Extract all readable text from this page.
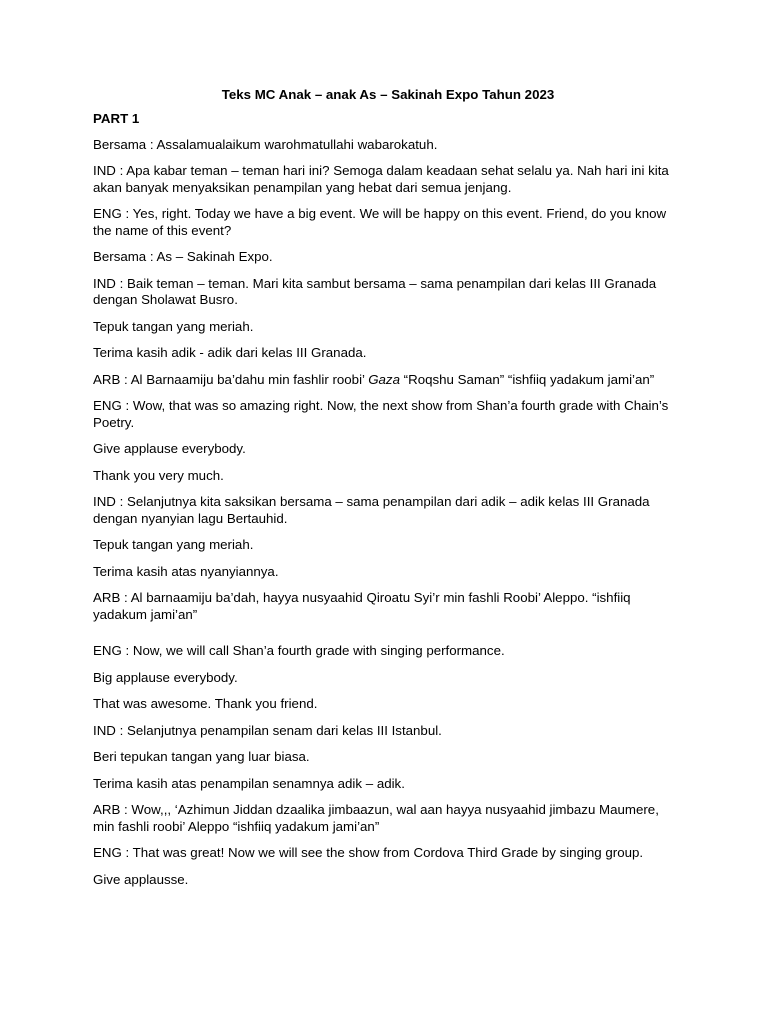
Teks MC Anak – anak As – Sakinah Expo Tahun 2023
PART 1
Bersama : Assalamualaikum warohmatullahi wabarokatuh.
IND : Apa kabar teman – teman hari ini? Semoga dalam keadaan sehat selalu ya. Nah hari ini kita akan banyak menyaksikan penampilan yang hebat dari semua jenjang.
ENG : Yes, right. Today we have a big event. We will be happy on this event. Friend, do you know the name of this event?
Bersama : As – Sakinah Expo.
IND : Baik teman – teman. Mari kita sambut bersama – sama penampilan dari kelas III Granada dengan Sholawat Busro.
Tepuk tangan yang meriah.
Terima kasih adik - adik dari kelas III Granada.
ARB : Al Barnaamiju ba’dahu min fashlir roobi’ Gaza “Roqshu Saman” “ishfiiq yadakum jami’an”
ENG : Wow, that was so amazing right. Now, the next show from Shan’a fourth grade with Chain’s Poetry.
Give applause everybody.
Thank you very much.
IND : Selanjutnya kita saksikan bersama – sama penampilan dari adik – adik kelas III Granada dengan nyanyian lagu Bertauhid.
Tepuk tangan yang meriah.
Terima kasih atas nyanyiannya.
ARB : Al barnaamiju ba’dah, hayya nusyaahid Qiroatu Syi’r min fashli Roobi’ Aleppo. “ishfiiq yadakum jami’an”
ENG : Now, we will call Shan’a fourth grade with singing performance.
Big applause everybody.
That was awesome. Thank you friend.
IND : Selanjutnya penampilan senam dari kelas III Istanbul.
Beri tepukan tangan yang luar biasa.
Terima kasih atas penampilan senamnya adik – adik.
ARB : Wow,,, ‘Azhimun Jiddan dzaalika jimbaazun, wal aan hayya nusyaahid jimbazu Maumere, min fashli roobi’ Aleppo “ishfiiq yadakum jami’an”
ENG : That was great! Now we will see the show from Cordova Third Grade by singing group.
Give applausse.
